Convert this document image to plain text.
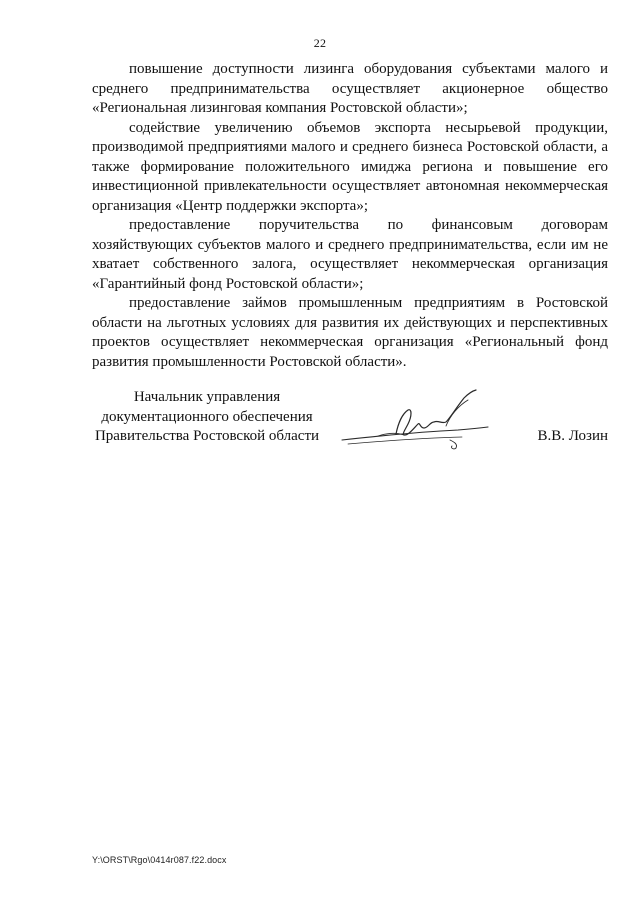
22

повышение доступности лизинга оборудования субъектами малого и среднего предпринимательства осуществляет акционерное общество «Региональная лизинговая компания Ростовской области»;

содействие увеличению объемов экспорта несырьевой продукции, производимой предприятиями малого и среднего бизнеса Ростовской области, а также формирование положительного имиджа региона и повышение его инвестиционной привлекательности осуществляет автономная некоммерческая организация «Центр поддержки экспорта»;

предоставление поручительства по финансовым договорам хозяйствующих субъектов малого и среднего предпринимательства, если им не хватает собственного залога, осуществляет некоммерческая организация «Гарантийный фонд Ростовской области»;

предоставление займов промышленным предприятиям в Ростовской области на льготных условиях для развития их действующих и перспективных проектов осуществляет некоммерческая организация «Региональный фонд развития промышленности Ростовской области».

Начальник управления
документационного обеспечения
Правительства Ростовской области	В.В. Лозин
Y:\ORST\Rgo\0414r087.f22.docx
